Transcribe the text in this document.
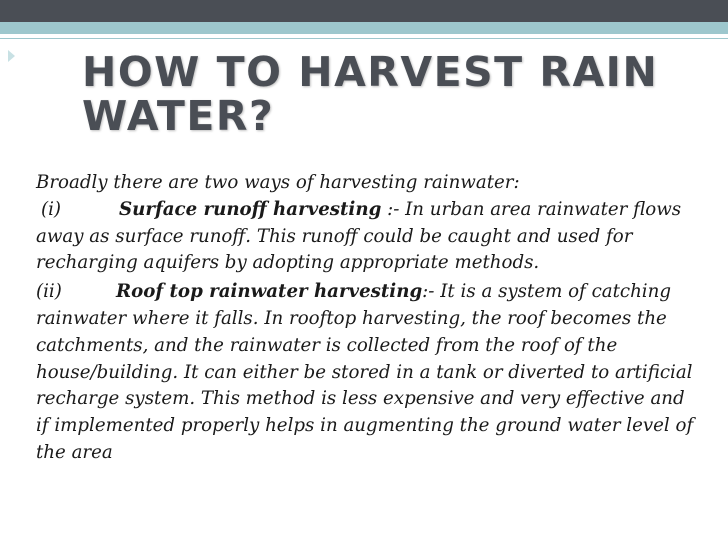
HOW TO HARVEST RAIN WATER?

Broadly there are two ways of harvesting rainwater:

(i)	Surface runoff harvesting :- In urban area rainwater flows away as surface runoff. This runoff could be caught and used for recharging aquifers by adopting appropriate methods.

(ii)	Roof top rainwater harvesting:- It is a system of catching rainwater where it falls. In rooftop harvesting, the roof becomes the catchments, and the rainwater is collected from the roof of the house/building. It can either be stored in a tank or diverted to artificial recharge system. This method is less expensive and very effective and if implemented properly helps in augmenting the ground water level of the area
